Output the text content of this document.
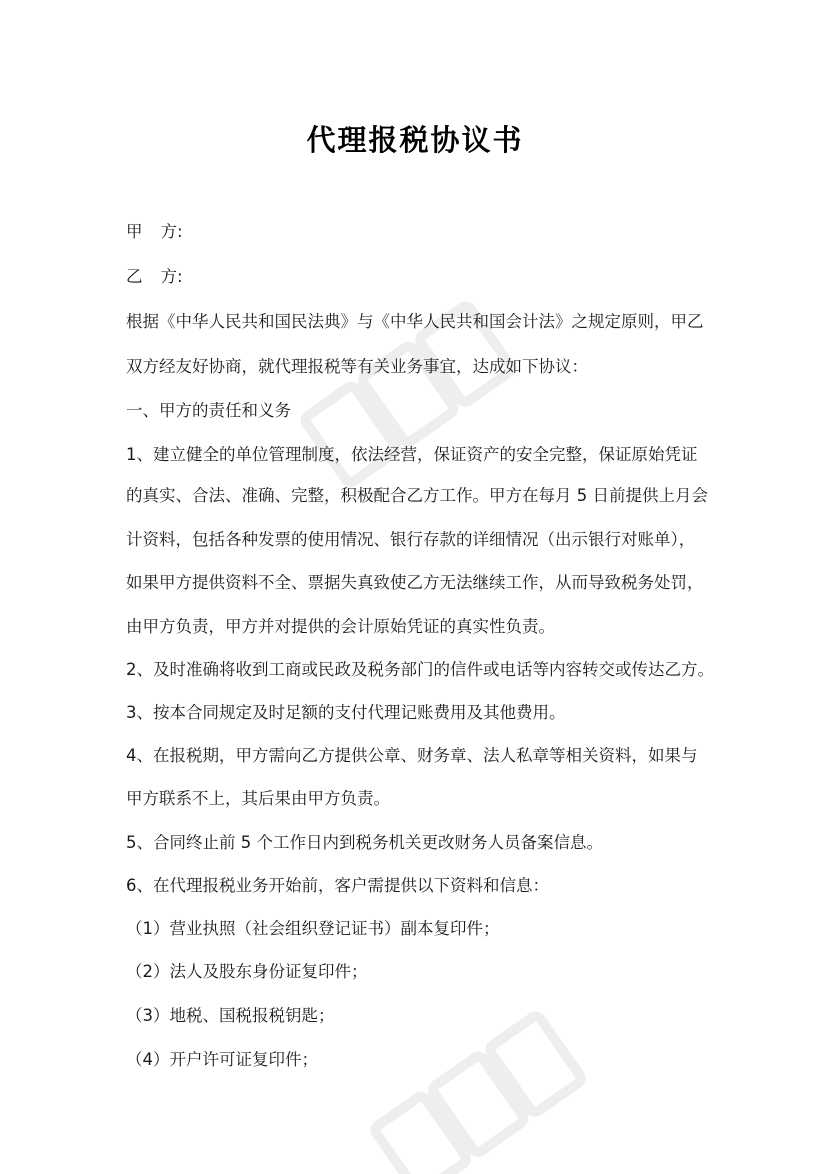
代理报税协议书
甲 方:
乙 方:
根据《中华人民共和国民法典》与《中华人民共和国会计法》之规定原则，甲乙
双方经友好协商，就代理报税等有关业务事宜，达成如下协议：
一、甲方的责任和义务
1、建立健全的单位管理制度，依法经营，保证资产的安全完整，保证原始凭证
的真实、合法、准确、完整，积极配合乙方工作。甲方在每月 5 日前提供上月会
计资料，包括各种发票的使用情况、银行存款的详细情况（出示银行对账单），
如果甲方提供资料不全、票据失真致使乙方无法继续工作，从而导致税务处罚，
由甲方负责，甲方并对提供的会计原始凭证的真实性负责。
2、及时准确将收到工商或民政及税务部门的信件或电话等内容转交或传达乙方。
3、按本合同规定及时足额的支付代理记账费用及其他费用。
4、在报税期，甲方需向乙方提供公章、财务章、法人私章等相关资料，如果与
甲方联系不上，其后果由甲方负责。
5、合同终止前 5 个工作日内到税务机关更改财务人员备案信息。
6、在代理报税业务开始前，客户需提供以下资料和信息：
（1）营业执照（社会组织登记证书）副本复印件；
（2）法人及股东身份证复印件；
（3）地税、国税报税钥匙；
（4）开户许可证复印件；
